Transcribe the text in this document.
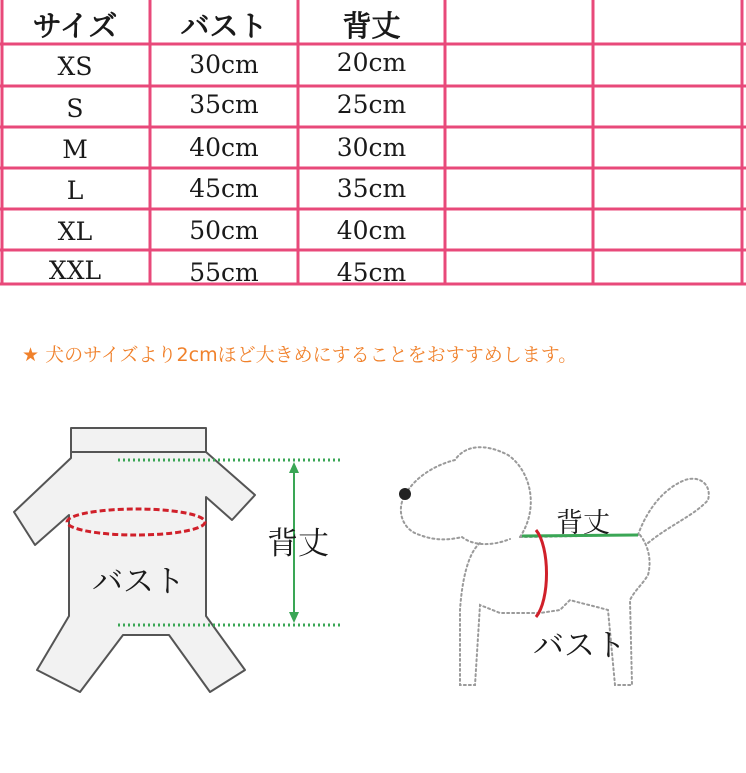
サイズ	バスト	背丈
XS	30cm	20cm
S	35cm	25cm
M	40cm	30cm
L	45cm	35cm
XL	50cm	40cm
XXL	55cm	45cm
★ 犬のサイズより2cmほど大きめにすることをおすすめします。
背丈
バスト
背丈
バスト
